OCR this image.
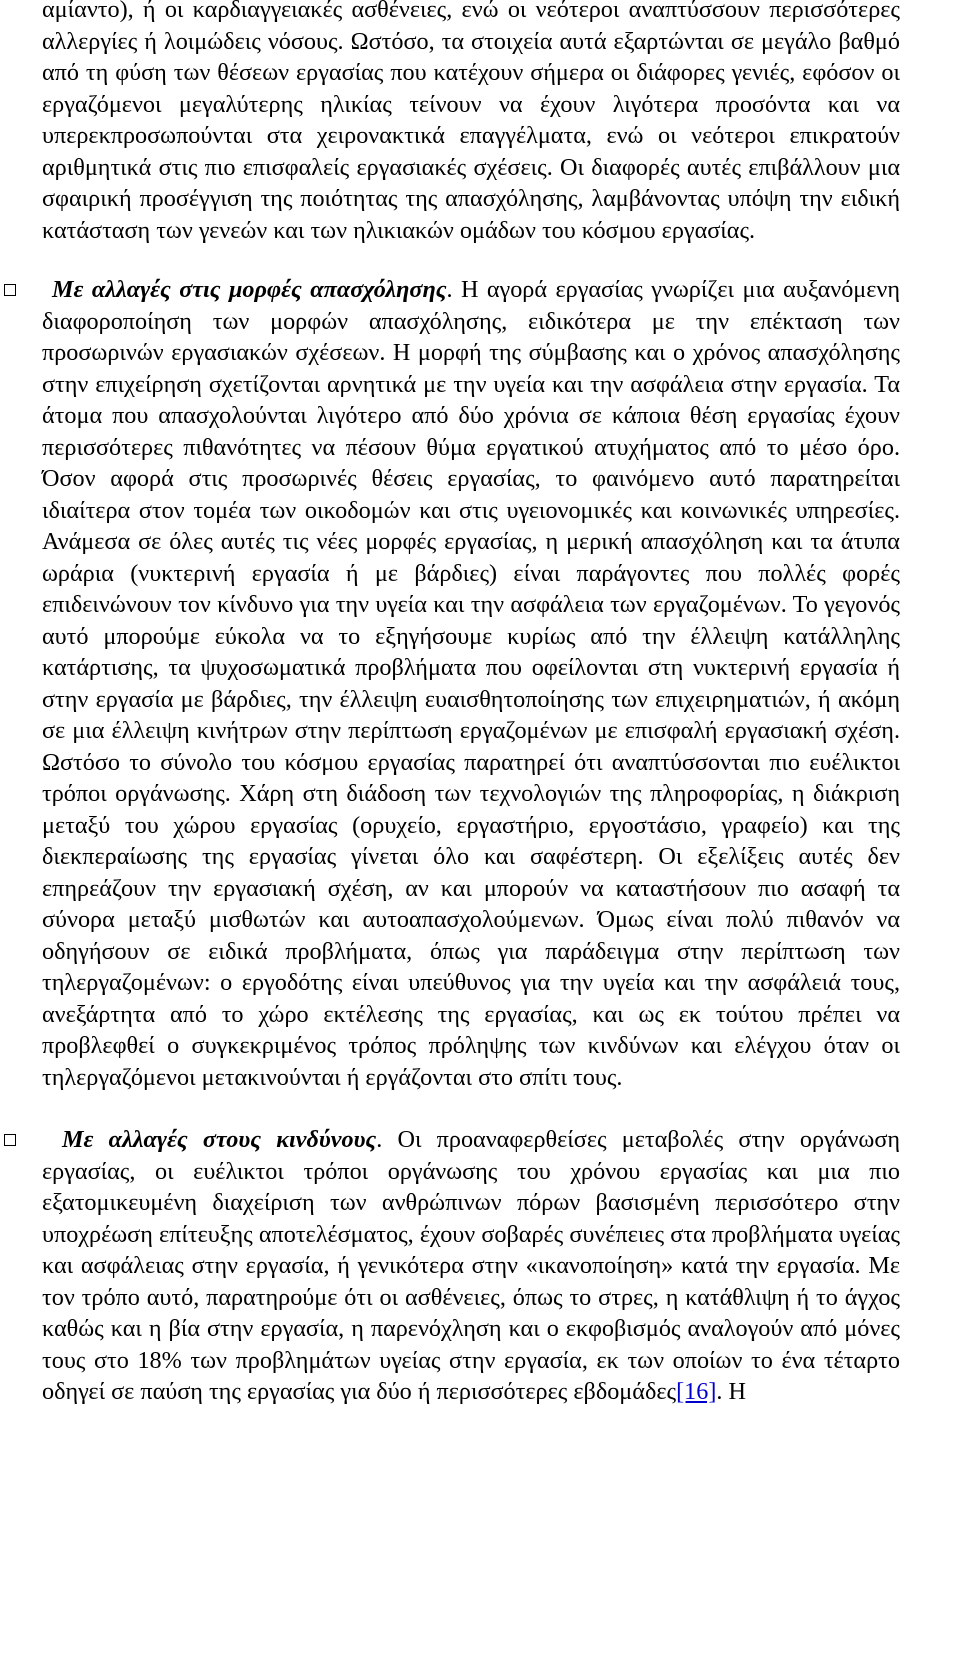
αμίαντο), ή οι καρδιαγγειακές ασθένειες, ενώ οι νεότεροι αναπτύσσουν περισσότερες αλλεργίες ή λοιμώδεις νόσους. Ωστόσο, τα στοιχεία αυτά εξαρτώνται σε μεγάλο βαθμό από τη φύση των θέσεων εργασίας που κατέχουν σήμερα οι διάφορες γενιές, εφόσον οι εργαζόμενοι μεγαλύτερης ηλικίας τείνουν να έχουν λιγότερα προσόντα και να υπερεκπροσωπούνται στα χειρονακτικά επαγγέλματα, ενώ οι νεότεροι επικρατούν αριθμητικά στις πιο επισφαλείς εργασιακές σχέσεις. Οι διαφορές αυτές επιβάλλουν μια σφαιρική προσέγγιση της ποιότητας της απασχόλησης, λαμβάνοντας υπόψη την ειδική κατάσταση των γενεών και των ηλικιακών ομάδων του κόσμου εργασίας.

Με αλλαγές στις μορφές απασχόλησης. Η αγορά εργασίας γνωρίζει μια αυξανόμενη διαφοροποίηση των μορφών απασχόλησης, ειδικότερα με την επέκταση των προσωρινών εργασιακών σχέσεων. Η μορφή της σύμβασης και ο χρόνος απασχόλησης στην επιχείρηση σχετίζονται αρνητικά με την υγεία και την ασφάλεια στην εργασία. Τα άτομα που απασχολούνται λιγότερο από δύο χρόνια σε κάποια θέση εργασίας έχουν περισσότερες πιθανότητες να πέσουν θύμα εργατικού ατυχήματος από το μέσο όρο. Όσον αφορά στις προσωρινές θέσεις εργασίας, το φαινόμενο αυτό παρατηρείται ιδιαίτερα στον τομέα των οικοδομών και στις υγειονομικές και κοινωνικές υπηρεσίες. Ανάμεσα σε όλες αυτές τις νέες μορφές εργασίας, η μερική απασχόληση και τα άτυπα ωράρια (νυκτερινή εργασία ή με βάρδιες) είναι παράγοντες που πολλές φορές επιδεινώνουν τον κίνδυνο για την υγεία και την ασφάλεια των εργαζομένων. Το γεγονός αυτό μπορούμε εύκολα να το εξηγήσουμε κυρίως από την έλλειψη κατάλληλης κατάρτισης, τα ψυχοσωματικά προβλήματα που οφείλονται στη νυκτερινή εργασία ή στην εργασία με βάρδιες, την έλλειψη ευαισθητοποίησης των επιχειρηματιών, ή ακόμη σε μια έλλειψη κινήτρων στην περίπτωση εργαζομένων με επισφαλή εργασιακή σχέση. Ωστόσο το σύνολο του κόσμου εργασίας παρατηρεί ότι αναπτύσσονται πιο ευέλικτοι τρόποι οργάνωσης. Χάρη στη διάδοση των τεχνολογιών της πληροφορίας, η διάκριση μεταξύ του χώρου εργασίας (ορυχείο, εργαστήριο, εργοστάσιο, γραφείο) και της διεκπεραίωσης της εργασίας γίνεται όλο και σαφέστερη. Οι εξελίξεις αυτές δεν επηρεάζουν την εργασιακή σχέση, αν και μπορούν να καταστήσουν πιο ασαφή τα σύνορα μεταξύ μισθωτών και αυτοαπασχολούμενων. Όμως είναι πολύ πιθανόν να οδηγήσουν σε ειδικά προβλήματα, όπως για παράδειγμα στην περίπτωση των τηλεργαζομένων: ο εργοδότης είναι υπεύθυνος για την υγεία και την ασφάλειά τους, ανεξάρτητα από το χώρο εκτέλεσης της εργασίας, και ως εκ τούτου πρέπει να προβλεφθεί ο συγκεκριμένος τρόπος πρόληψης των κινδύνων και ελέγχου όταν οι τηλεργαζόμενοι μετακινούνται ή εργάζονται στο σπίτι τους.

Με αλλαγές στους κινδύνους. Οι προαναφερθείσες μεταβολές στην οργάνωση εργασίας, οι ευέλικτοι τρόποι οργάνωσης του χρόνου εργασίας και μια πιο εξατομικευμένη διαχείριση των ανθρώπινων πόρων βασισμένη περισσότερο στην υποχρέωση επίτευξης αποτελέσματος, έχουν σοβαρές συνέπειες στα προβλήματα υγείας και ασφάλειας στην εργασία, ή γενικότερα στην «ικανοποίηση» κατά την εργασία. Με τον τρόπο αυτό, παρατηρούμε ότι οι ασθένειες, όπως το στρες, η κατάθλιψη ή το άγχος καθώς και η βία στην εργασία, η παρενόχληση και ο εκφοβισμός αναλογούν από μόνες τους στο 18% των προβλημάτων υγείας στην εργασία, εκ των οποίων το ένα τέταρτο οδηγεί σε παύση της εργασίας για δύο ή περισσότερες εβδομάδες[16]. Η
